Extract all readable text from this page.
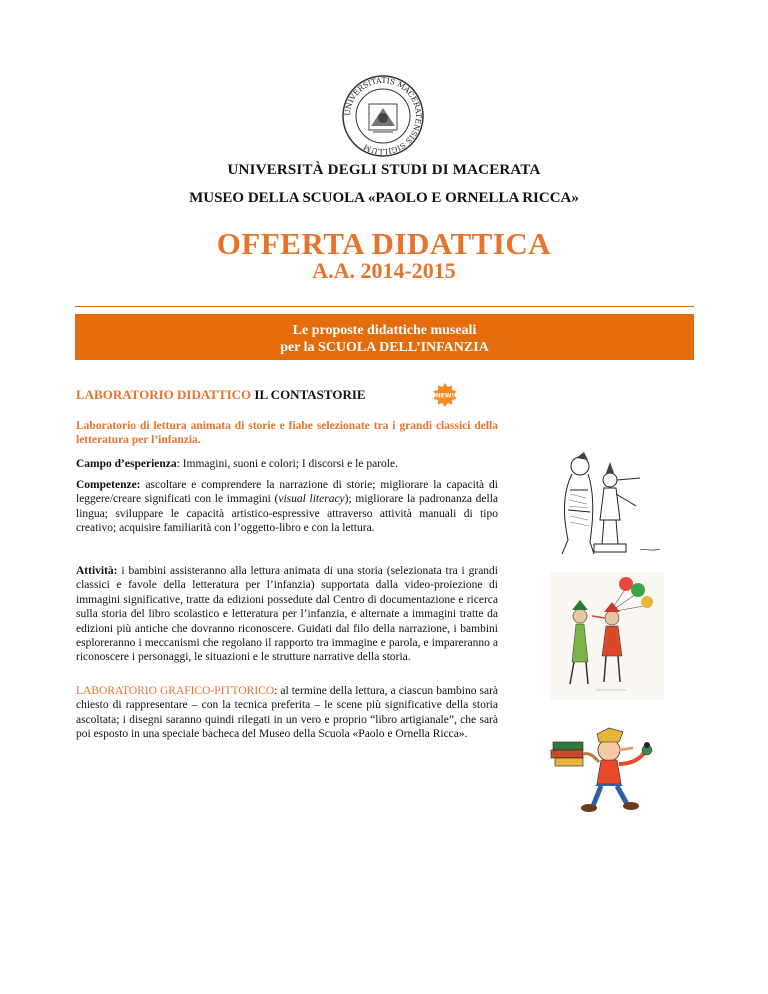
UNIVERSITATIS MACERATENSIS SIGILLUM
UNIVERSITÀ DEGLI STUDI DI MACERATA
MUSEO DELLA SCUOLA «PAOLO E ORNELLA RICCA»
OFFERTA DIDATTICA
A.A. 2014-2015
Le proposte didattiche museali
per la SCUOLA DELL’INFANZIA
LABORATORIO DIDATTICO IL CONTASTORIE	NEW!
Laboratorio di lettura animata di storie e fiabe selezionate tra i grandi classici della letteratura per l’infanzia.
Campo d’esperienza: Immagini, suoni e colori; I discorsi e le parole.
Competenze: ascoltare e comprendere la narrazione di storie; migliorare la capacità di leggere/creare significati con le immagini (visual literacy); migliorare la padronanza della lingua; sviluppare le capacità artistico-espressive attraverso attività manuali di tipo creativo; acquisire familiarità con l’oggetto-libro e con la lettura.
Attività: i bambini assisteranno alla lettura animata di una storia (selezionata tra i grandi classici e favole della letteratura per l’infanzia) supportata dalla video-proiezione di immagini significative, tratte da edizioni possedute dal Centro di documentazione e ricerca sulla storia del libro scolastico e letteratura per l’infanzia, e alternate a immagini tratte da edizioni più antiche che dovranno riconoscere. Guidati dal filo della narrazione, i bambini esploreranno i meccanismi che regolano il rapporto tra immagine e parola, e impareranno a riconoscere i personaggi, le situazioni e le strutture narrative della storia.
LABORATORIO GRAFICO-PITTORICO: al termine della lettura, a ciascun bambino sarà chiesto di rappresentare – con la tecnica preferita – le scene più significative della storia ascoltata; i disegni saranno quindi rilegati in un vero e proprio “libro artigianale”, che sarà poi esposto in una speciale bacheca del Museo della Scuola «Paolo e Ornella Ricca».
